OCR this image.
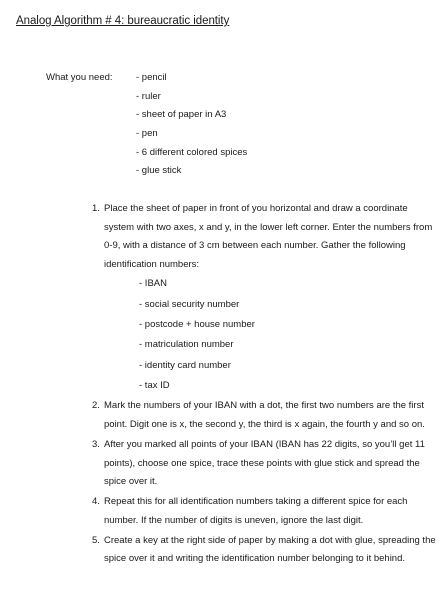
Analog Algorithm # 4: bureaucratic identity
What you need: - pencil
- ruler
- sheet of paper in A3
- pen
- 6 different colored spices
- glue stick
1. Place the sheet of paper in front of you horizontal and draw a coordinate system with two axes, x and y, in the lower left corner. Enter the numbers from 0-9, with a distance of 3 cm between each number. Gather the following identification numbers:
- IBAN
- social security number
- postcode + house number
- matriculation number
- identity card number
- tax ID
2. Mark the numbers of your IBAN with a dot, the first two numbers are the first point. Digit one is x, the second y, the third is x again, the fourth y and so on.
3. After you marked all points of your IBAN (IBAN has 22 digits, so you’ll get 11 points), choose one spice, trace these points with glue stick and spread the spice over it.
4. Repeat this for all identification numbers taking a different spice for each number. If the number of digits is uneven, ignore the last digit.
5. Create a key at the right side of paper by making a dot with glue, spreading the spice over it and writing the identification number belonging to it behind.
